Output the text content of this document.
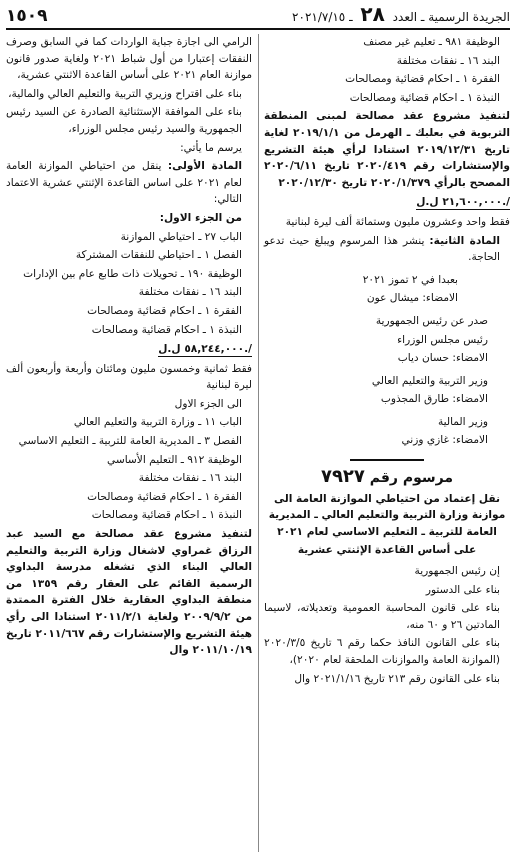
الجريدة الرسمية ـ العدد ٢٨ ـ ٢٠٢١/٧/١٥
١٥٠٩

الوظيفة ٩٨١ ـ تعليم غير مصنف

البند ١٦ ـ نفقات مختلفة

الفقرة ١ ـ احكام قضائية ومصالحات

النبذة ١ ـ احكام قضائية ومصالحات

لتنفيذ مشروع عقد مصالحة لمبنى المنطقة التربوية في بعلبك ـ الهرمل من ٢٠١٩/١/١ لغاية تاريخ ٢٠١٩/١٢/٣١ استنادا لرأي هيئة التشريع والإستشارات رقم ٢٠٢٠/٤١٩ تاريخ ٢٠٢٠/٦/١١ المصحح بالرأي ٢٠٢٠/١/٣٧٩ تاريخ ٢٠٢٠/١٢/٣٠

٢١,٦٠٠,٠٠٠ ل.ل./

فقط واحد وعشرون مليون وستمائة ألف ليرة لبنانية

المادة الثانية: ينشر هذا المرسوم ويبلغ حيث تدعو الحاجة.

بعبدا في ٢ تموز ٢٠٢١

الامضاء: ميشال عون

صدر عن رئيس الجمهورية

رئيس مجلس الوزراء

الامضاء: حسان دياب

وزير التربية والتعليم العالي

الامضاء: طارق المجذوب

وزير المالية

الامضاء: غازي وزني

مرسوم رقم ٧٩٢٧

نقل إعتماد من احتياطي الموازنة العامة الى موازنة وزارة التربية والتعليم العالي ـ المديرية العامة للتربية ـ التعليم الاساسي لعام ٢٠٢١

على أساس القاعدة الإثنتي عشرية

إن رئيس الجمهورية

بناء على الدستور

بناء على قانون المحاسبة العمومية وتعديلاته، لاسيما المادتين ٢٦ و ٦٠ منه،

بناء على القانون النافذ حكما رقم ٦ تاريخ ٢٠٢٠/٣/٥ (الموازنة العامة والموازنات الملحقة لعام ٢٠٢٠)،

بناء على القانون رقم ٢١٣ تاريخ ٢٠٢١/١/١٦ وال

الرامي الى اجازة جباية الواردات كما في السابق وصرف النفقات إعتبارا من أول شباط ٢٠٢١ ولغاية صدور قانون موازنة العام ٢٠٢١ على أساس القاعدة الاثنتي عشرية،

بناء على اقتراح وزيري التربية والتعليم العالي والمالية،

بناء على الموافقة الإستثنائية الصادرة عن السيد رئيس الجمهورية والسيد رئيس مجلس الوزراء،

يرسم ما يأتي:

المادة الأولى: ينقل من احتياطي الموازنة العامة لعام ٢٠٢١ على اساس القاعدة الإثنتي عشرية الاعتماد التالي:

من الجزء الاول:

الباب ٢٧ ـ احتياطي الموازنة

الفصل ١ ـ احتياطي للنفقات المشتركة

الوظيفة ١٩٠ ـ تحويلات ذات طابع عام بين الإدارات

البند ١٦ ـ نفقات مختلفة

الفقرة ١ ـ احكام قضائية ومصالحات

النبذة ١ ـ احكام قضائية ومصالحات

٥٨,٢٤٤,٠٠٠ ل.ل./

فقط ثمانية وخمسون مليون ومائتان وأربعة وأربعون ألف ليرة لبنانية

الى الجزء الاول

الباب ١١ ـ وزارة التربية والتعليم العالي

الفصل ٣ ـ المديرية العامة للتربية ـ التعليم الاساسي

الوظيفة ٩١٢ ـ التعليم الأساسي

البند ١٦ ـ نفقات مختلفة

الفقرة ١ ـ احكام قضائية ومصالحات

النبذة ١ ـ احكام قضائية ومصالحات

لتنفيذ مشروع عقد مصالحة مع السيد عبد الرزاق غمراوي لاشغال وزارة التربية والتعليم العالي البناء الذي تشغله مدرسة البداوي الرسمية القائم على العقار رقم ١٣٥٩ من منطقة البداوي العقارية خلال الفترة الممتدة من ٢٠٠٩/٩/٢ ولغاية ٢٠١١/٢/١ استنادا الى رأي هيئة التشريع والإستشارات رقم ٢٠١١/٦٦٧ تاريخ ٢٠١١/١٠/١٩ وال
